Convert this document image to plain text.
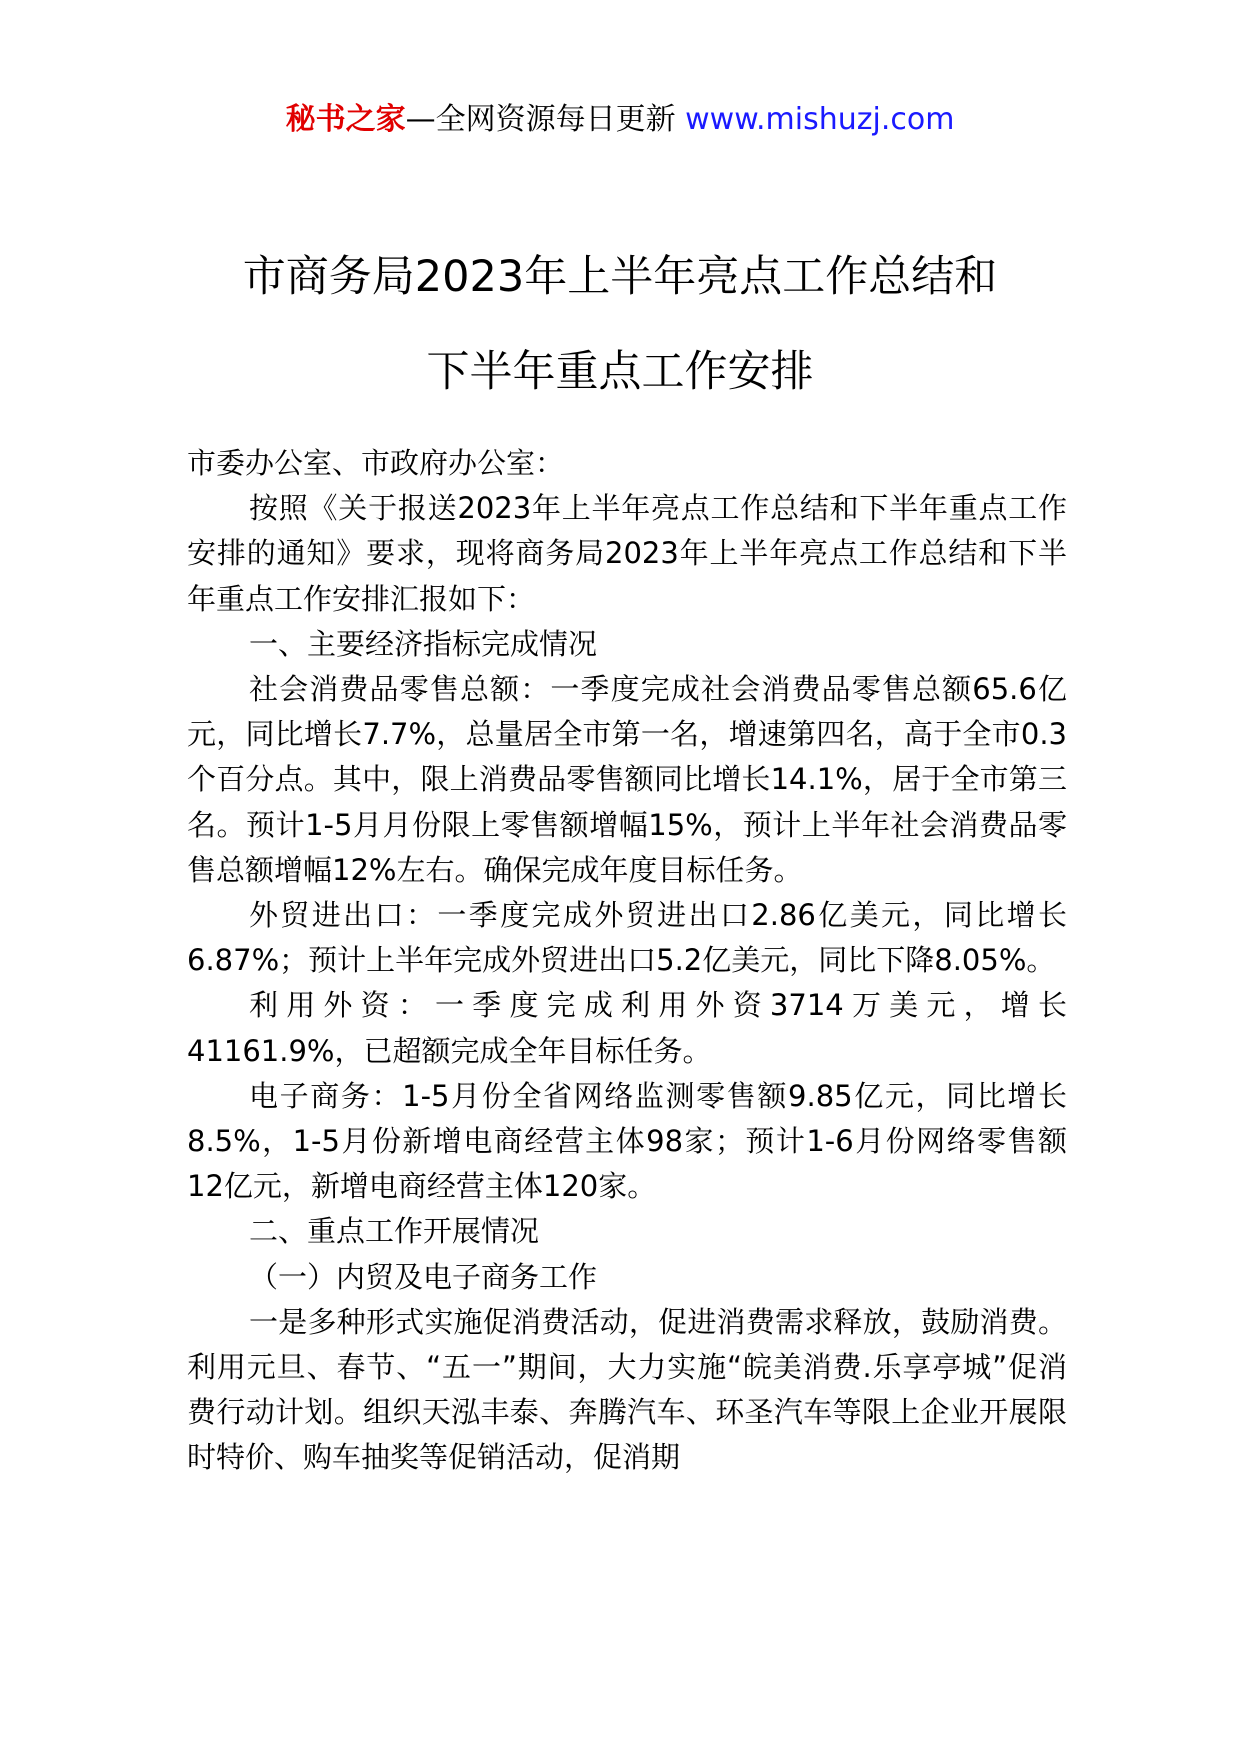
秘书之家—全网资源每日更新 www.mishuzj.com
市商务局2023年上半年亮点工作总结和
下半年重点工作安排

市委办公室、市政府办公室：

按照《关于报送2023年上半年亮点工作总结和下半年重点工作安排的通知》要求，现将商务局2023年上半年亮点工作总结和下半年重点工作安排汇报如下：

一、主要经济指标完成情况

社会消费品零售总额：一季度完成社会消费品零售总额65.6亿元，同比增长7.7%，总量居全市第一名，增速第四名，高于全市0.3个百分点。其中，限上消费品零售额同比增长14.1%，居于全市第三名。预计1-5月月份限上零售额增幅15%，预计上半年社会消费品零售总额增幅12%左右。确保完成年度目标任务。

外贸进出口：一季度完成外贸进出口2.86亿美元，同比增长6.87%；预计上半年完成外贸进出口5.2亿美元，同比下降8.05%。

利用外资：一季度完成利用外资3714万美元，增长41161.9%，已超额完成全年目标任务。

电子商务：1-5月份全省网络监测零售额9.85亿元，同比增长8.5%，1-5月份新增电商经营主体98家；预计1-6月份网络零售额12亿元，新增电商经营主体120家。

二、重点工作开展情况

（一）内贸及电子商务工作

一是多种形式实施促消费活动，促进消费需求释放，鼓励消费。利用元旦、春节、“五一”期间，大力实施“皖美消费.乐享亭城”促消费行动计划。组织天泓丰泰、奔腾汽车、环圣汽车等限上企业开展限时特价、购车抽奖等促销活动，促消期
